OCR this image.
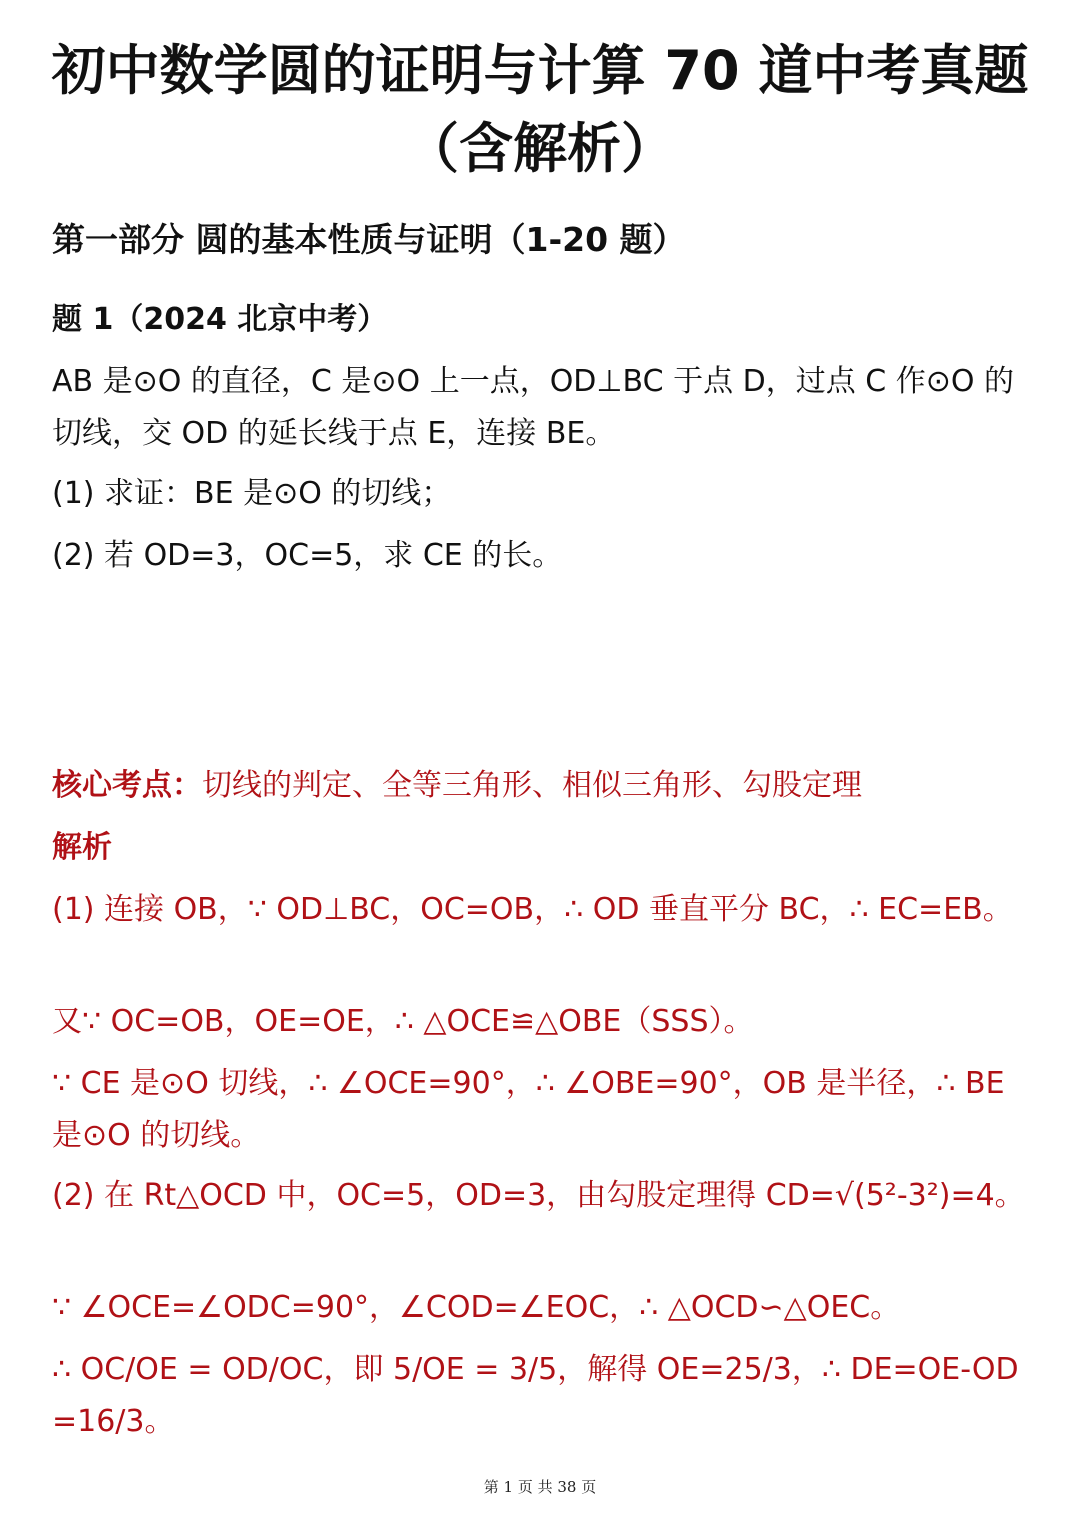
初中数学圆的证明与计算 70 道中考真题
（含解析）
第一部分 圆的基本性质与证明（1-20 题）
题 1（2024 北京中考）
AB 是⊙O 的直径，C 是⊙O 上一点，OD⊥BC 于点 D，过点 C 作⊙O 的切线，交 OD 的延长线于点 E，连接 BE。
(1) 求证：BE 是⊙O 的切线；
(2) 若 OD=3，OC=5，求 CE 的长。
核心考点：切线的判定、全等三角形、相似三角形、勾股定理
解析
(1) 连接 OB，∵ OD⊥BC，OC=OB，∴ OD 垂直平分 BC，∴ EC=EB。
又∵ OC=OB，OE=OE，∴ △OCE≌△OBE（SSS）。
∵ CE 是⊙O 切线，∴ ∠OCE=90°，∴ ∠OBE=90°，OB 是半径，∴ BE 是⊙O 的切线。
(2) 在 Rt△OCD 中，OC=5，OD=3，由勾股定理得 CD=√(5²-3²)=4。
∵ ∠OCE=∠ODC=90°，∠COD=∠EOC，∴ △OCD∽△OEC。
∴ OC/OE = OD/OC，即 5/OE = 3/5，解得 OE=25/3，∴ DE=OE-OD=16/3。
第 1 页 共 38 页
